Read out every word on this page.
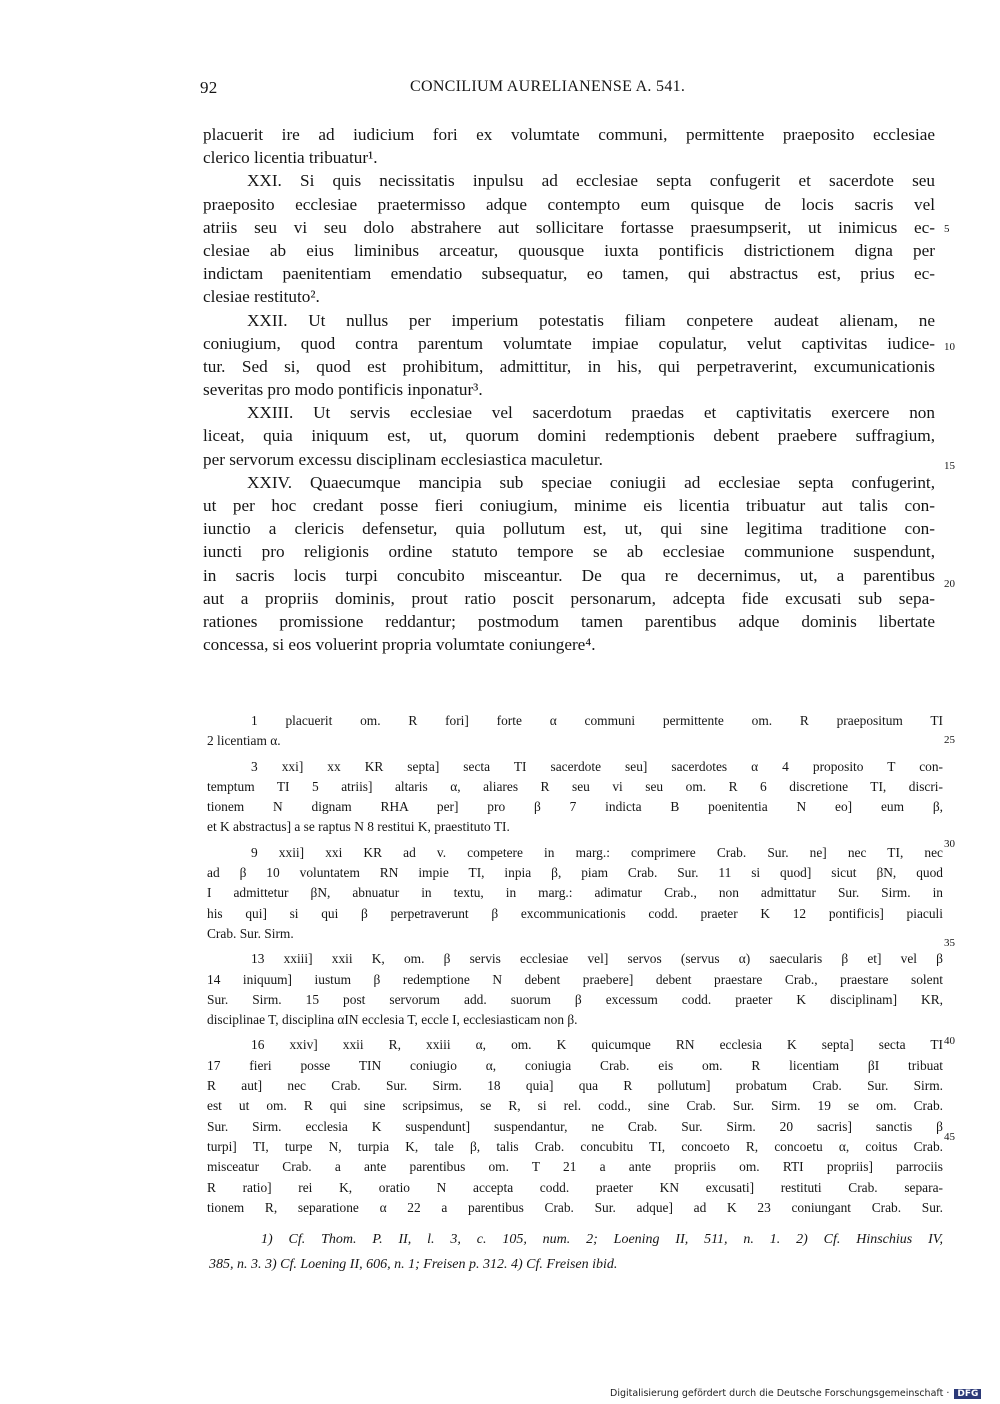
92	CONCILIUM AURELIANENSE A. 541.
placuerit ire ad iudicium fori ex volumtate communi, permittente praeposito ecclesiae
clerico licentia tribuatur¹.
XXI. Si quis necissitatis inpulsu ad ecclesiae septa confugerit et sacerdote seu
praeposito ecclesiae praetermisso adque contempto eum quisque de locis sacris vel
atriis seu vi seu dolo abstrahere aut sollicitare fortasse praesumpserit, ut inimicus ec-
clesiae ab eius liminibus arceatur, quousque iuxta pontificis districtionem digna per
indictam paenitentiam emendatio subsequatur, eo tamen, qui abstractus est, prius ec-
clesiae restituto².
XXII. Ut nullus per imperium potestatis filiam conpetere audeat alienam, ne
coniugium, quod contra parentum volumtate impiae copulatur, velut captivitas iudice-
tur. Sed si, quod est prohibitum, admittitur, in his, qui perpetraverint, excumunicationis
severitas pro modo pontificis inponatur³.
XXIII. Ut servis ecclesiae vel sacerdotum praedas et captivitatis exercere non
liceat, quia iniquum est, ut, quorum domini redemptionis debent praebere suffragium,
per servorum excessu disciplinam ecclesiastica maculetur.
XXIV. Quaecumque mancipia sub speciae coniugii ad ecclesiae septa confugerint,
ut per hoc credant posse fieri coniugium, minime eis licentia tribuatur aut talis con-
iunctio a clericis defensetur, quia pollutum est, ut, qui sine legitima traditione con-
iuncti pro religionis ordine statuto tempore se ab ecclesiae communione suspendunt,
in sacris locis turpi concubito misceantur. De qua re decernimus, ut, a parentibus
aut a propriis dominis, prout ratio poscit personarum, adcepta fide excusati sub sepa-
rationes promissione reddantur; postmodum tamen parentibus adque dominis libertate
concessa, si eos voluerint propria volumtate coniungere⁴.
5
10
15
20
25
30
35
40
45
1 placuerit om. R fori] forte α communi permittente om. R praepositum TI
2 licentiam α.
3 xxi] xx KR septa] secta TI sacerdote seu] sacerdotes α 4 proposito T con-
temptum TI 5 atriis] altaris α, aliares R seu vi seu om. R 6 discretione TI, discri-
tionem N dignam RHA per] pro β 7 indicta B poenitentia N eo] eum β,
et K abstractus] a se raptus N 8 restitui K, praestituto TI.
9 xxii] xxi KR ad v. competere in marg.: comprimere Crab. Sur. ne] nec TI, nec
ad β 10 voluntatem RN impie TI, inpia β, piam Crab. Sur. 11 si quod] sicut βN, quod
I admittetur βN, abnuatur in textu, in marg.: adimatur Crab., non admittatur Sur. Sirm. in
his qui] si qui β perpetraverunt β excommunicationis codd. praeter K 12 pontificis] piaculi
Crab. Sur. Sirm.
13 xxiii] xxii K, om. β servis ecclesiae vel] servos (servus α) saecularis β et] vel β
14 iniquum] iustum β redemptione N debent praebere] debent praestare Crab., praestare solent
Sur. Sirm. 15 post servorum add. suorum β excessum codd. praeter K disciplinam] KR,
disciplinae T, disciplina αIN ecclesia T, eccle I, ecclesiasticam non β.
16 xxiv] xxii R, xxiii α, om. K quicumque RN ecclesia K septa] secta TI
17 fieri posse TIN coniugio α, coniugia Crab. eis om. R licentiam βI tribuat
R aut] nec Crab. Sur. Sirm. 18 quia] qua R pollutum] probatum Crab. Sur. Sirm.
est ut om. R qui sine scripsimus, se R, si rel. codd., sine Crab. Sur. Sirm. 19 se om. Crab.
Sur. Sirm. ecclesia K suspendunt] suspendantur, ne Crab. Sur. Sirm. 20 sacris] sanctis β
turpi] TI, turpe N, turpia K, tale β, talis Crab. concubitu TI, concoeto R, concoetu α, coitus Crab.
misceatur Crab. a ante parentibus om. T 21 a ante propriis om. RTI propriis] parrociis
R ratio] rei K, oratio N accepta codd. praeter KN excusati] restituti Crab. separa-
tionem R, separatione α 22 a parentibus Crab. Sur. adque] ad K 23 coniungant Crab. Sur.
1) Cf. Thom. P. II, l. 3, c. 105, num. 2; Loening II, 511, n. 1. 2) Cf. Hinschius IV,
385, n. 3. 3) Cf. Loening II, 606, n. 1; Freisen p. 312. 4) Cf. Freisen ibid.
Digitalisierung gefördert durch die Deutsche Forschungsgemeinschaft · DFG
